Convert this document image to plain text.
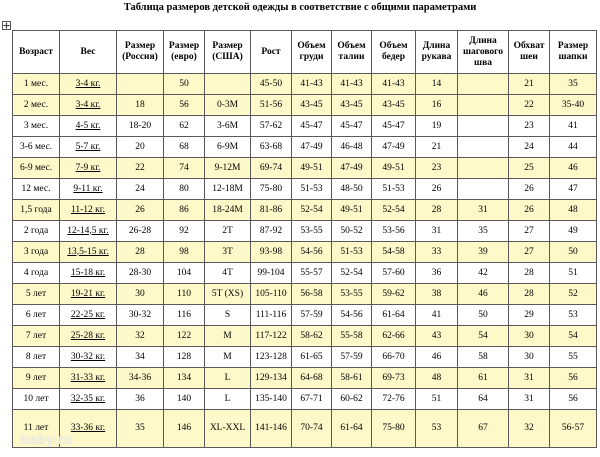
Таблица размеров детской одежды в соответствие с общими параметрами
Возраст	Вес	Размер (Россия)	Размер (евро)	Размер (США)	Рост	Объем груди	Объем талии	Объем бедер	Длина рукава	Длина шагового шва	Обхват шеи	Размер шапки
1 мес.	3-4 кг.		50		45-50	41-43	41-43	41-43	14		21	35
2 мес.	3-4 кг.	18	56	0-3M	51-56	43-45	43-45	43-45	16		22	35-40
3 мес.	4-5 кг.	18-20	62	3-6M	57-62	45-47	45-47	45-47	19		23	41
3-6 мес.	5-7 кг.	20	68	6-9M	63-68	47-49	46-48	47-49	21		24	44
6-9 мес.	7-9 кг.	22	74	9-12M	69-74	49-51	47-49	49-51	23		25	46
12 мес.	9-11 кг.	24	80	12-18M	75-80	51-53	48-50	51-53	26		26	47
1,5 года	11-12 кг.	26	86	18-24M	81-86	52-54	49-51	52-54	28	31	26	48
2 года	12-14,5 кг.	26-28	92	2T	87-92	53-55	50-52	53-56	31	35	27	49
3 года	13,5-15 кг.	28	98	3T	93-98	54-56	51-53	54-58	33	39	27	50
4 года	15-18 кг.	28-30	104	4T	99-104	55-57	52-54	57-60	36	42	28	51
5 лет	19-21 кг.	30	110	5T (XS)	105-110	56-58	53-55	59-62	38	46	28	52
6 лет	22-25 кг.	30-32	116	S	111-116	57-59	54-56	61-64	41	50	29	53
7 лет	25-28 кг.	32	122	M	117-122	58-62	55-58	62-66	43	54	30	54
8 лет	30-32 кг.	34	128	M	123-128	61-65	57-59	66-70	46	58	30	55
9 лет	31-33 кг.	34-36	134	L	129-134	64-68	58-61	69-73	48	61	31	56
10 лет	32-35 кг.	36	140	L	135-140	67-71	60-62	72-76	51	64	31	56
11 лет	33-36 кг.	35	146	XL-XXL	141-146	70-74	61-64	75-80	53	67	32	56-57
baby.ru
